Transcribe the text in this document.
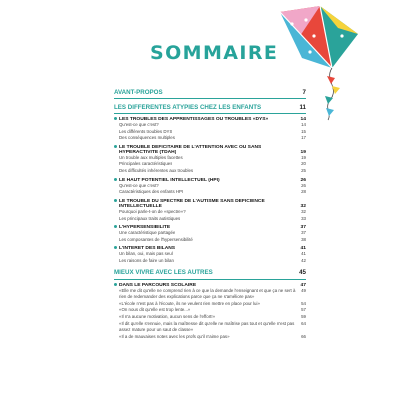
SOMMAIRE
AVANT-PROPOS	7
LES DIFFÉRENTES ATYPIES CHEZ LES ENFANTS	11
LES TROUBLES DES APPRENTISSAGES OU TROUBLES «DYS»	14
Qu'est-ce que c'est?	14
Les différents troubles DYS	15
Des conséquences multiples	17
LE TROUBLE DÉFICITAIRE DE L'ATTENTION AVEC OU SANS
HYPERACTIVITÉ (TDAH)	19
Un trouble aux multiples facettes	19
Principales caractéristiques	20
Des difficultés inhérentes aux troubles	25
LE HAUT POTENTIEL INTELLECTUEL (HPI)	26
Qu'est-ce que c'est?	26
Caractéristiques des enfants HPI	28
LE TROUBLE DU SPECTRE DE L'AUTISME SANS DÉFICIENCE
INTELLECTUELLE	32
Pourquoi parle-t-on de «spectre»?	32
Les principaux traits autistiques	33
L'HYPERSENSIBILITÉ	37
Une caractéristique partagée	37
Les composantes de l'hypersensibilité	38
L'INTÉRÊT DES BILANS	41
Un bilan, oui, mais pas seul	41
Les raisons de faire un bilan	42
MIEUX VIVRE AVEC LES AUTRES	45
DANS LE PARCOURS SCOLAIRE	47
«Elle me dit qu'elle ne comprend rien à ce que la demande l'enseignant et que ça ne sert à rien de redemander des explications parce que ça ne s'améliore pas»
49
«L'école n'est pas à l'écoute, ils ne veulent rien mettre en place pour lui»	54
«On nous dit qu'elle est trop lente...»	57
«Il n'a aucune motivation, aucun sens de l'effort!»	59
«Il dit qu'elle s'ennuie, mais la maîtresse dit qu'elle ne maîtrise pas tout et qu'elle n'est pas assez mature pour un saut de classe»
64
«Il a de mauvaises notes avec les profs qu'il n'aime pas»	66
